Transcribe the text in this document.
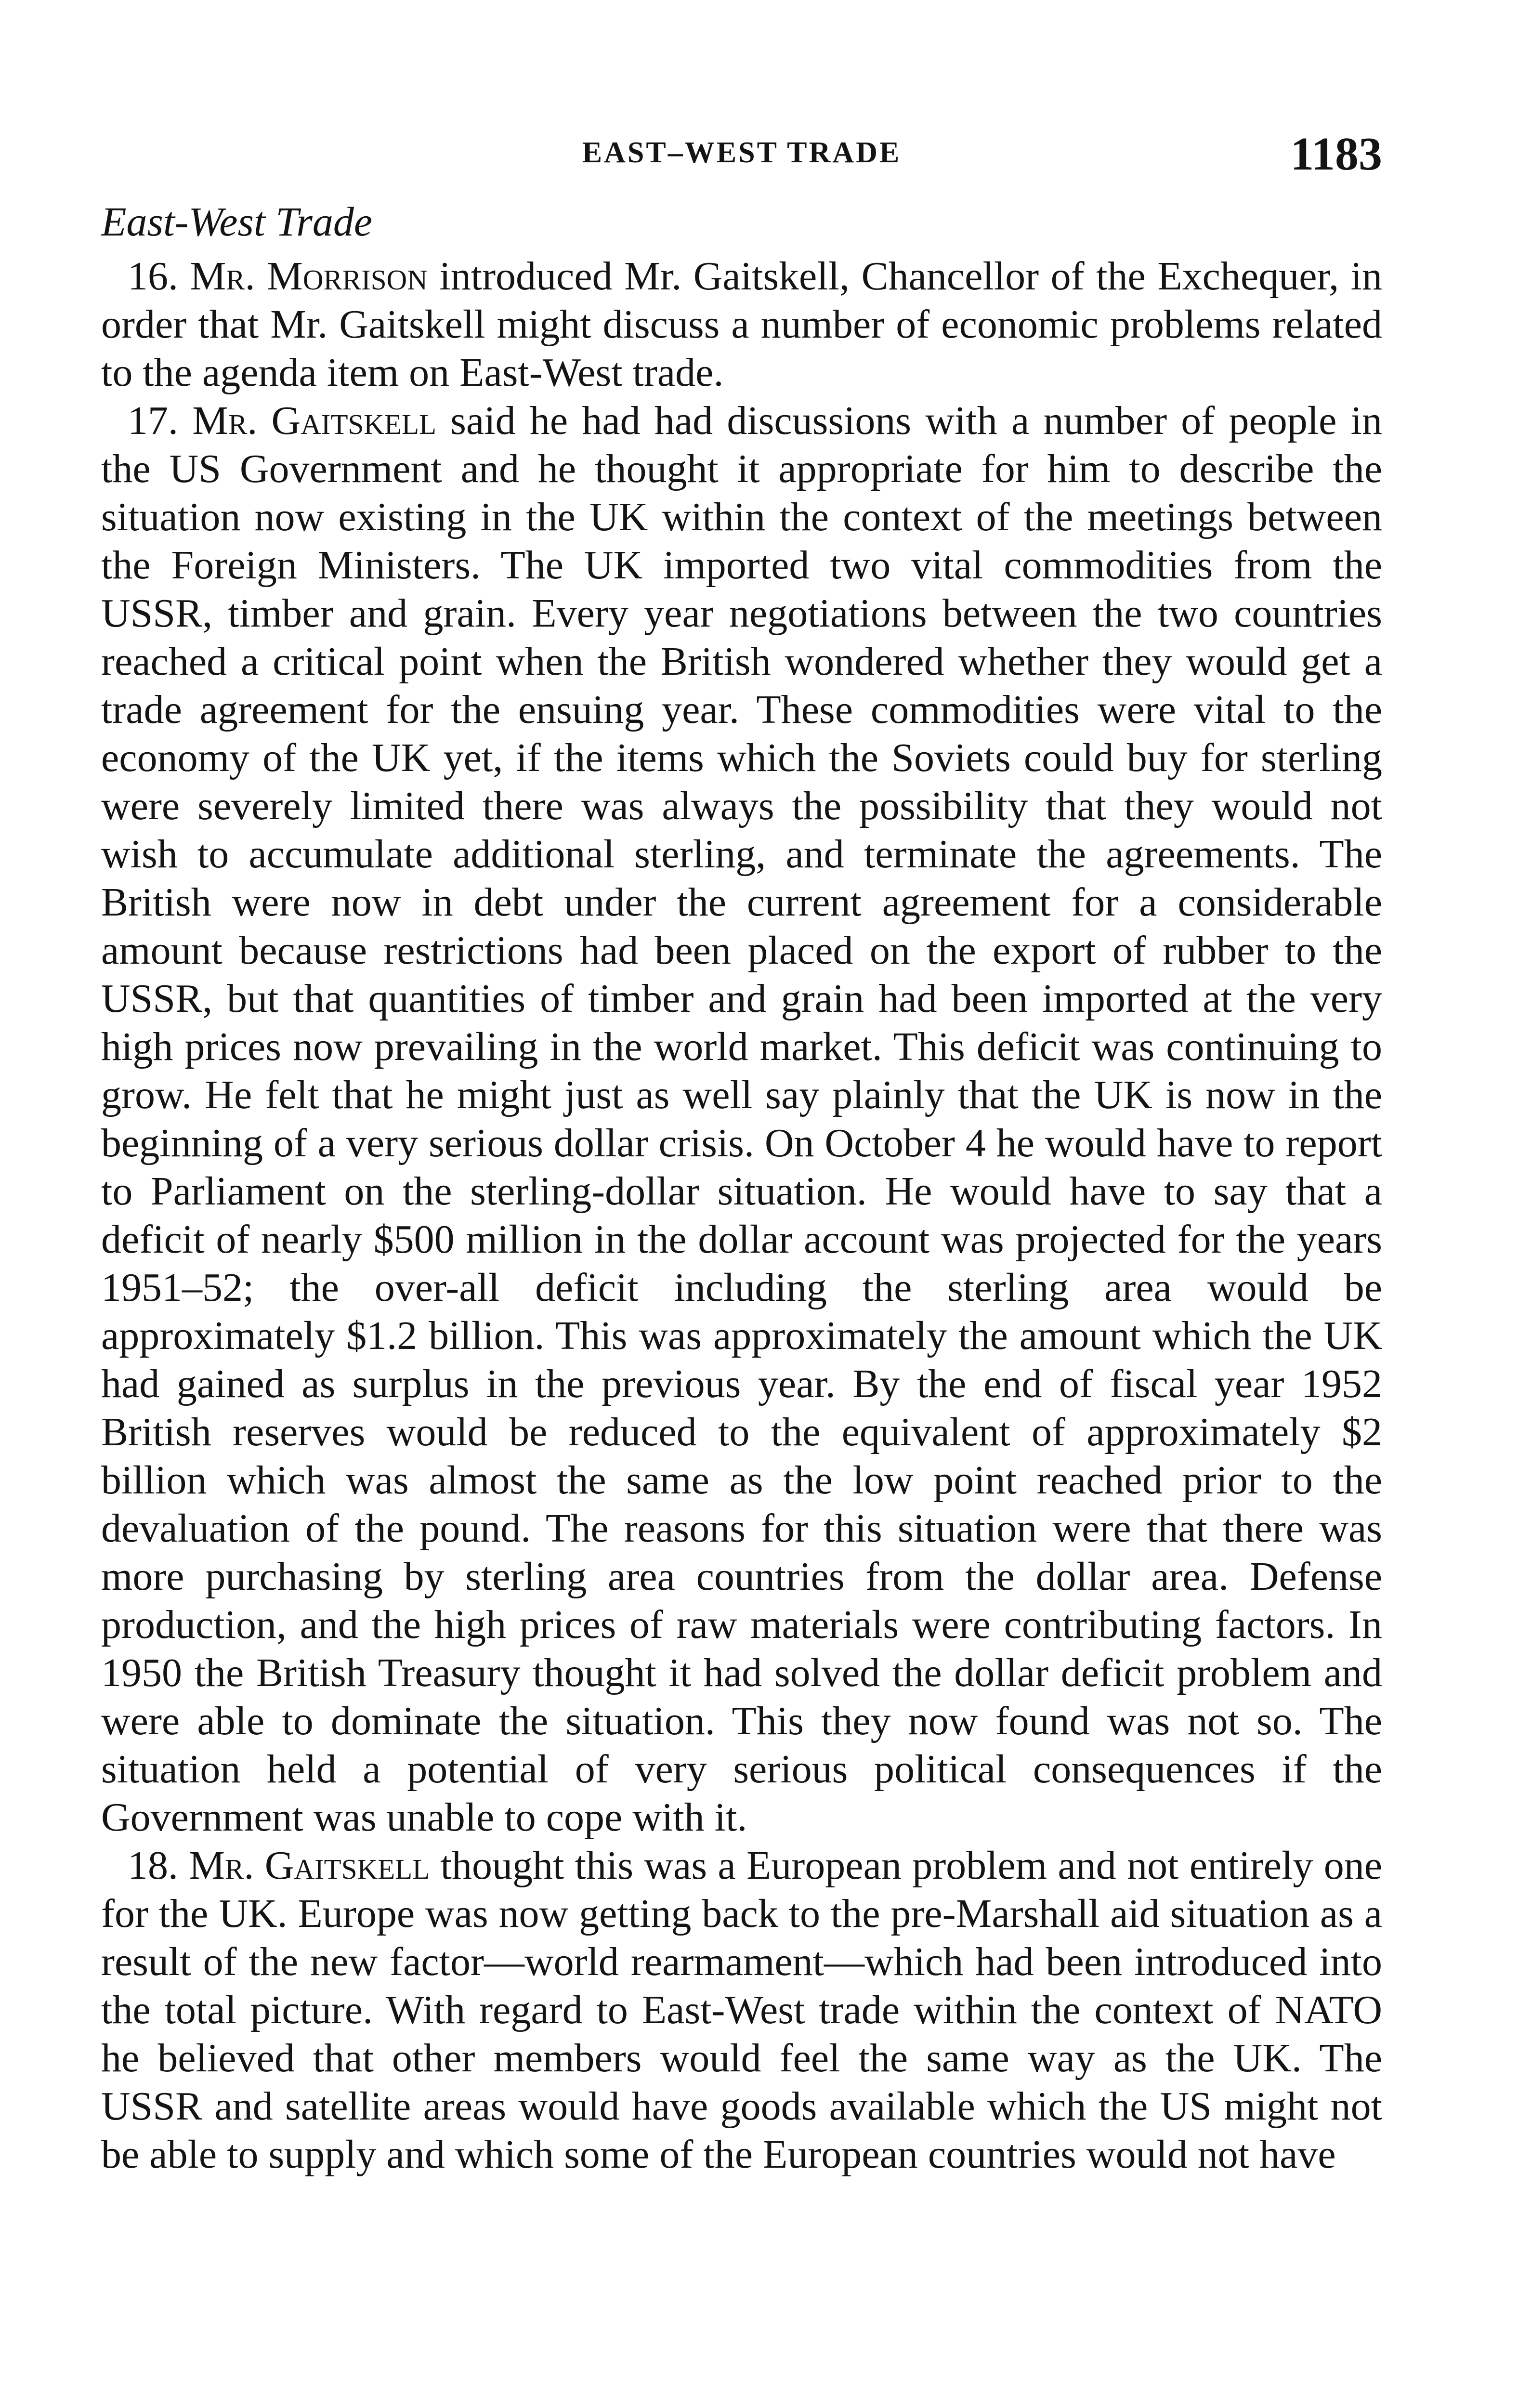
EAST–WEST TRADE	1183
East-West Trade

16. Mr. Morrison introduced Mr. Gaitskell, Chancellor of the Exchequer, in order that Mr. Gaitskell might discuss a number of economic problems related to the agenda item on East-West trade.

17. Mr. Gaitskell said he had had discussions with a number of people in the US Government and he thought it appropriate for him to describe the situation now existing in the UK within the context of the meetings between the Foreign Ministers. The UK imported two vital commodities from the USSR, timber and grain. Every year negotiations between the two countries reached a critical point when the British wondered whether they would get a trade agreement for the ensuing year. These commodities were vital to the economy of the UK yet, if the items which the Soviets could buy for sterling were severely limited there was always the possibility that they would not wish to accumulate additional sterling, and terminate the agreements. The British were now in debt under the current agreement for a considerable amount because restrictions had been placed on the export of rubber to the USSR, but that quantities of timber and grain had been imported at the very high prices now prevailing in the world market. This deficit was continuing to grow. He felt that he might just as well say plainly that the UK is now in the beginning of a very serious dollar crisis. On October 4 he would have to report to Parliament on the sterling-dollar situation. He would have to say that a deficit of nearly $500 million in the dollar account was projected for the years 1951–52; the over-all deficit including the sterling area would be approximately $1.2 billion. This was approximately the amount which the UK had gained as surplus in the previous year. By the end of fiscal year 1952 British reserves would be reduced to the equivalent of approximately $2 billion which was almost the same as the low point reached prior to the devaluation of the pound. The reasons for this situation were that there was more purchasing by sterling area countries from the dollar area. Defense production, and the high prices of raw materials were contributing factors. In 1950 the British Treasury thought it had solved the dollar deficit problem and were able to dominate the situation. This they now found was not so. The situation held a potential of very serious political consequences if the Government was unable to cope with it.

18. Mr. Gaitskell thought this was a European problem and not entirely one for the UK. Europe was now getting back to the pre-Marshall aid situation as a result of the new factor—world rearmament—which had been introduced into the total picture. With regard to East-West trade within the context of NATO he believed that other members would feel the same way as the UK. The USSR and satellite areas would have goods available which the US might not be able to supply and which some of the European countries would not have
